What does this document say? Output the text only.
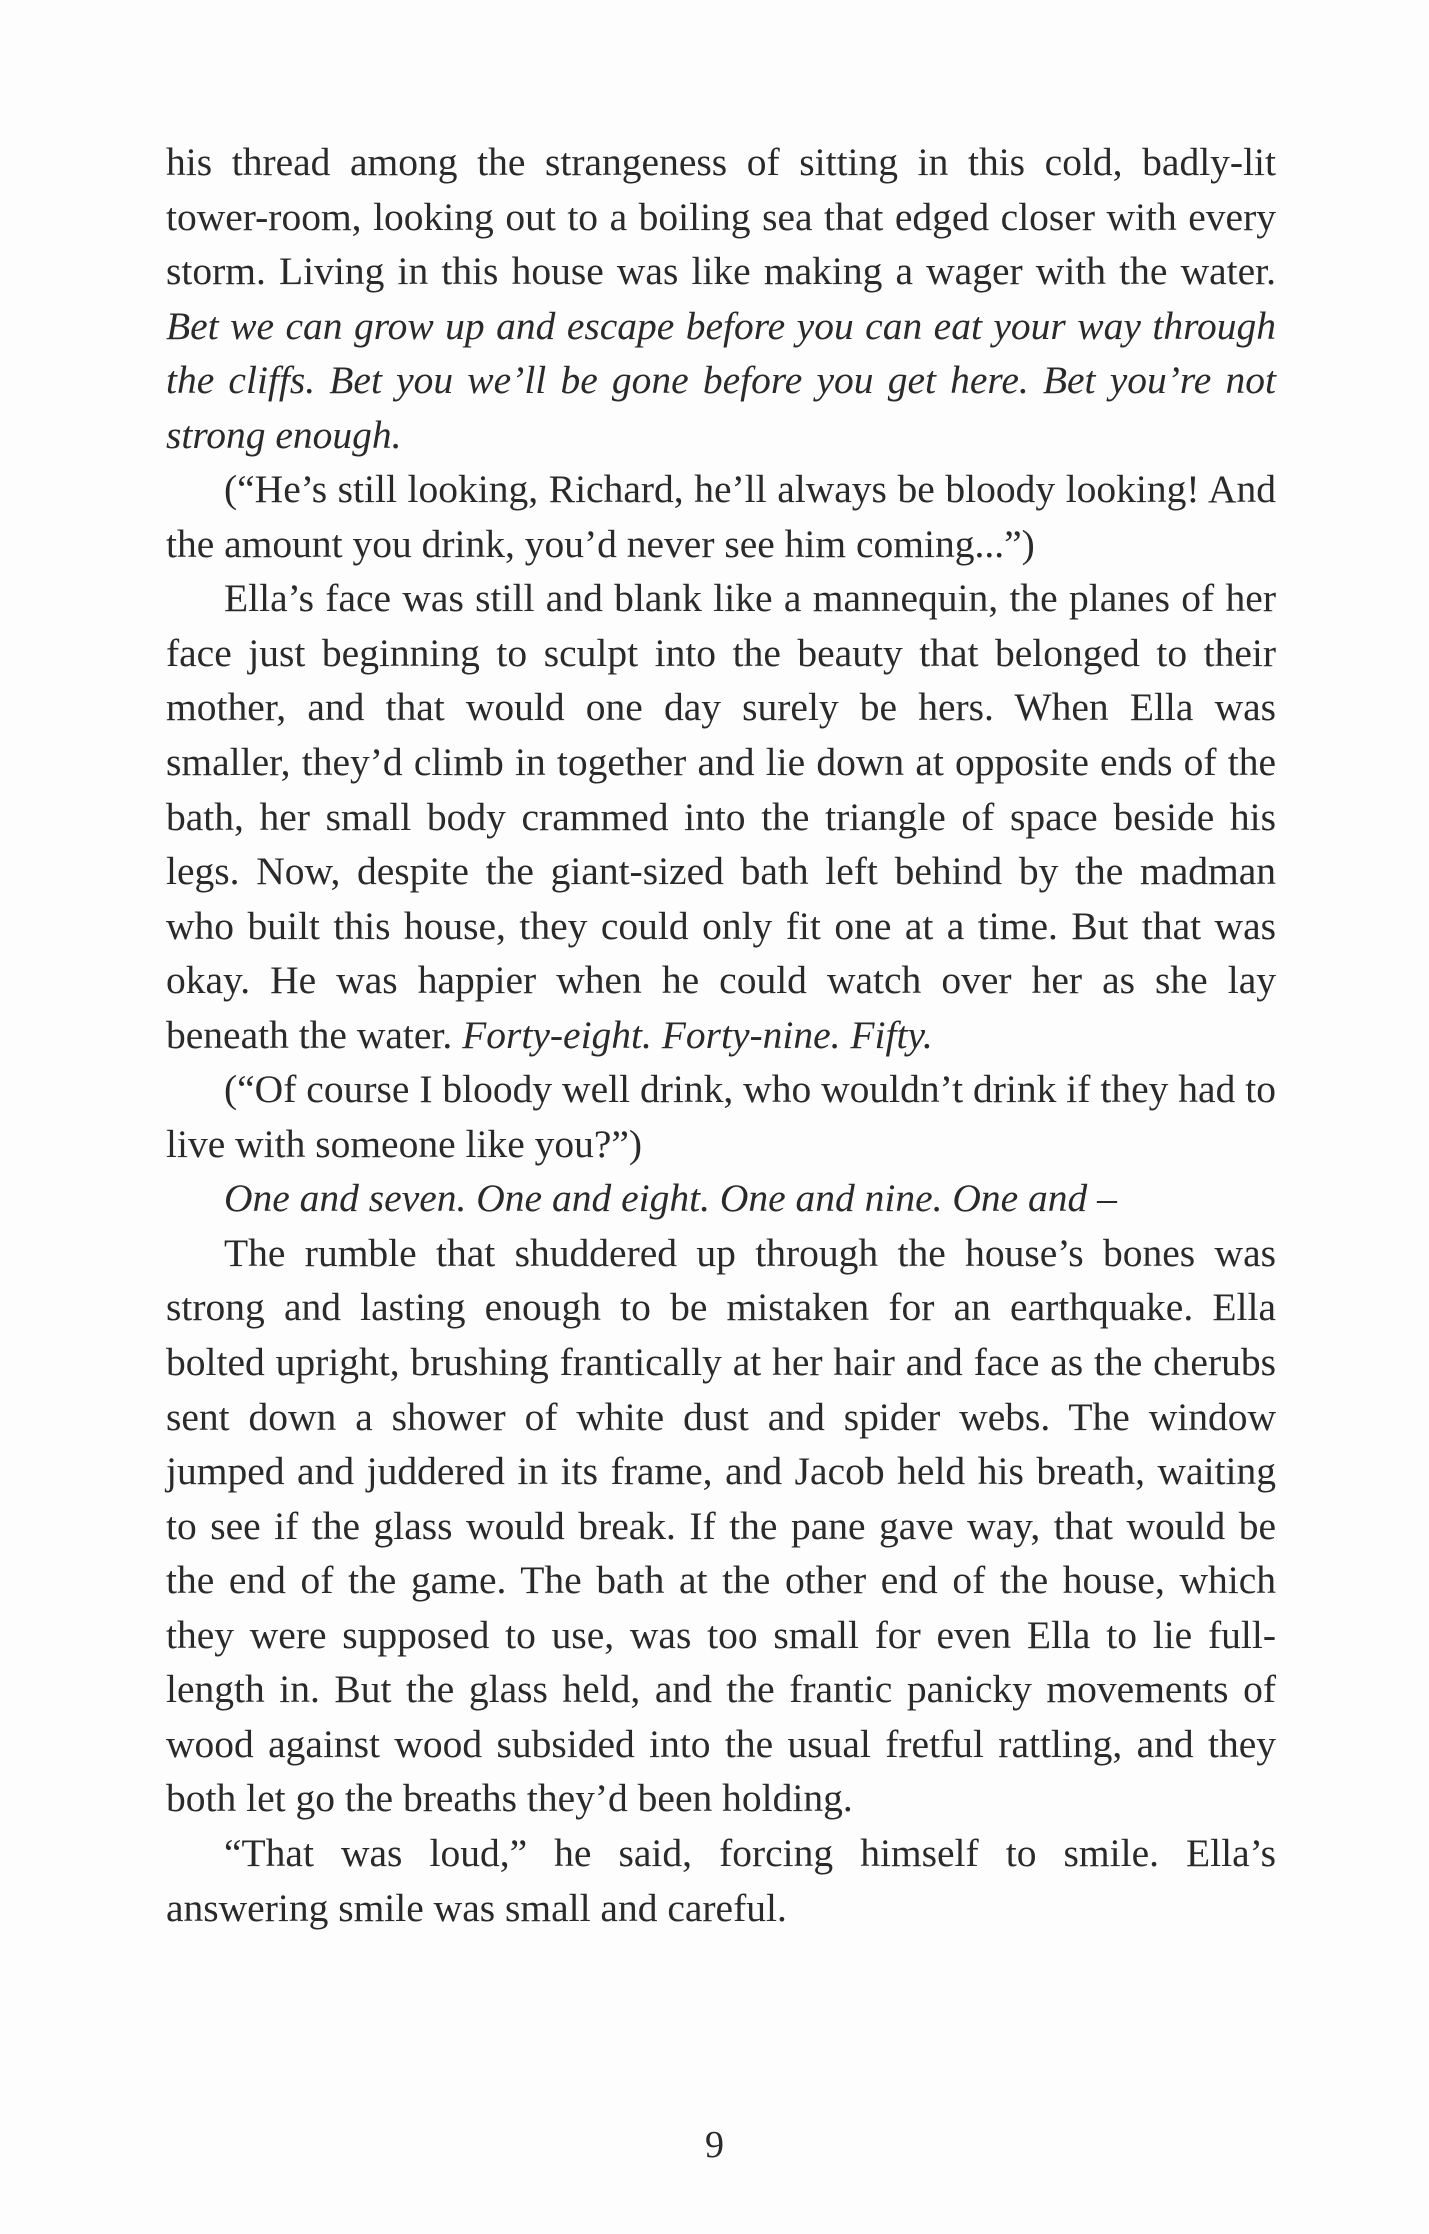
his thread among the strangeness of sitting in this cold, badly-lit tower-room, looking out to a boiling sea that edged closer with every storm. Living in this house was like making a wager with the water. Bet we can grow up and escape before you can eat your way through the cliffs. Bet you we’ll be gone before you get here. Bet you’re not strong enough.

(“He’s still looking, Richard, he’ll always be bloody looking! And the amount you drink, you’d never see him coming...”)

Ella’s face was still and blank like a mannequin, the planes of her face just beginning to sculpt into the beauty that belonged to their mother, and that would one day surely be hers. When Ella was smaller, they’d climb in together and lie down at opposite ends of the bath, her small body crammed into the triangle of space beside his legs. Now, despite the giant-sized bath left behind by the madman who built this house, they could only fit one at a time. But that was okay. He was happier when he could watch over her as she lay beneath the water. Forty-eight. Forty-nine. Fifty.

(“Of course I bloody well drink, who wouldn’t drink if they had to live with someone like you?”)

One and seven. One and eight. One and nine. One and –

The rumble that shuddered up through the house’s bones was strong and lasting enough to be mistaken for an earthquake. Ella bolted upright, brushing frantically at her hair and face as the cherubs sent down a shower of white dust and spider webs. The window jumped and juddered in its frame, and Jacob held his breath, waiting to see if the glass would break. If the pane gave way, that would be the end of the game. The bath at the other end of the house, which they were supposed to use, was too small for even Ella to lie full-length in. But the glass held, and the frantic panicky movements of wood against wood subsided into the usual fretful rattling, and they both let go the breaths they’d been holding.

“That was loud,” he said, forcing himself to smile. Ella’s answering smile was small and careful.

9
